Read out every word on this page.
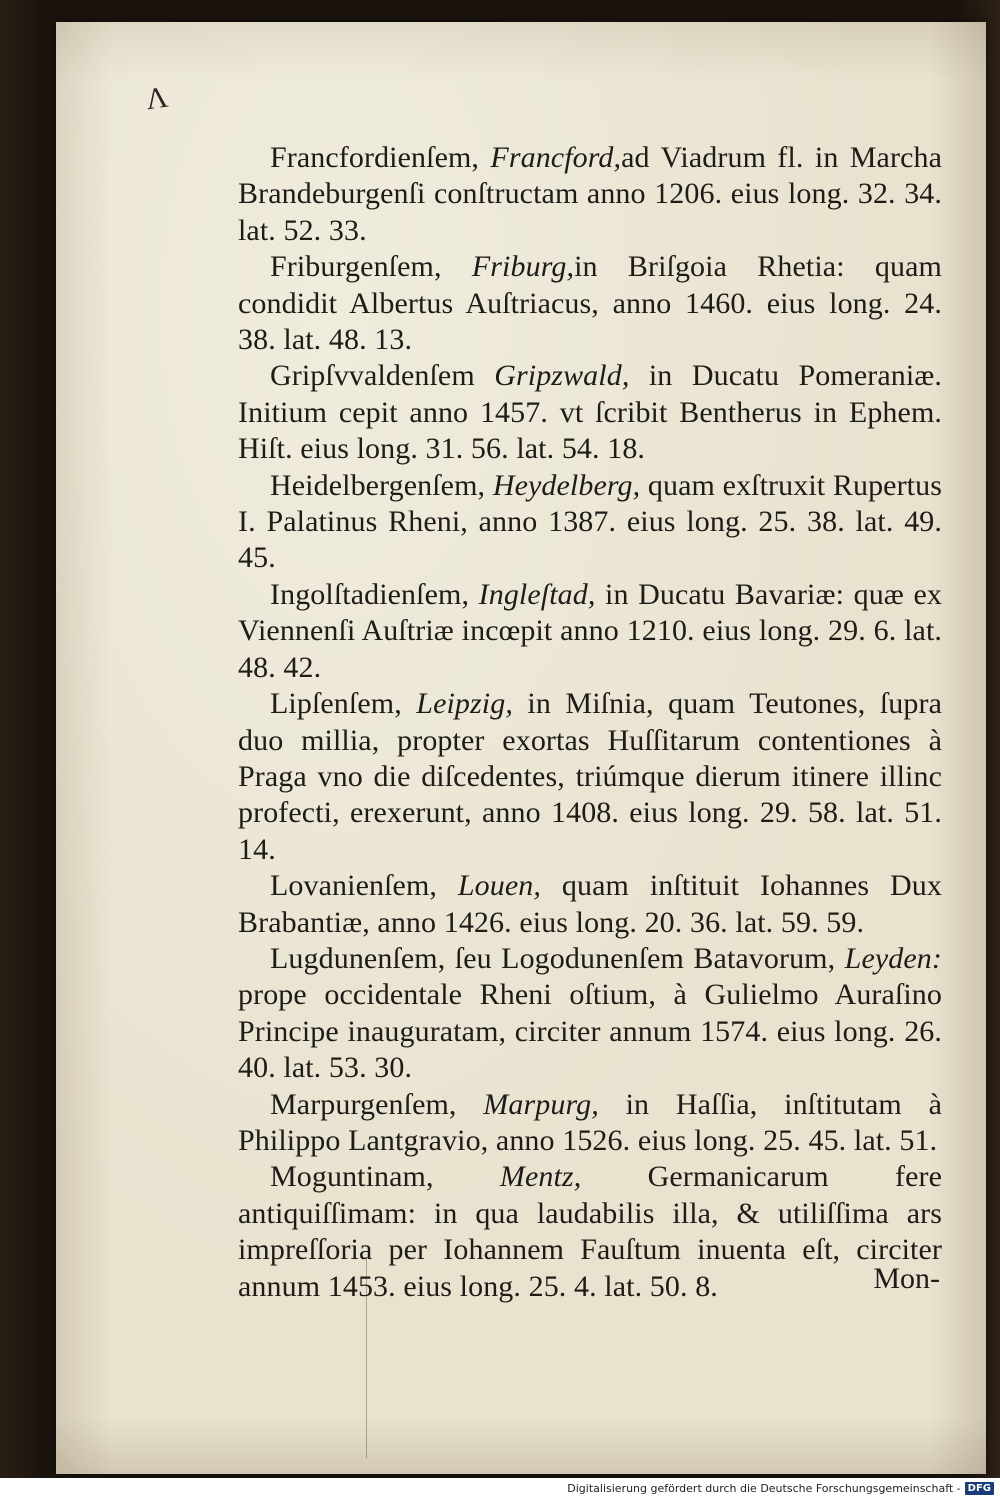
Ʌ

Francfordienſem, Francford,ad Viadrum fl. in Marcha Brandeburgenſi conſtructam anno 1206. eius long. 32. 34. lat. 52. 33.

Friburgenſem, Friburg,in Briſgoia Rhetia: quam condidit Albertus Auſtriacus, anno 1460. eius long. 24. 38. lat. 48. 13.

Gripſvvaldenſem Gripzwald, in Ducatu Pomeraniæ. Initium cepit anno 1457. vt ſcribit Bentherus in Ephem. Hiſt. eius long. 31. 56. lat. 54. 18.

Heidelbergenſem, Heydelberg, quam exſtruxit Rupertus I. Palatinus Rheni, anno 1387. eius long. 25. 38. lat. 49. 45.

Ingolſtadienſem, Ingleſtad, in Ducatu Bavariæ: quæ ex Viennenſi Auſtriæ incœpit anno 1210. eius long. 29. 6. lat. 48. 42.

Lipſenſem, Leipzig, in Miſnia, quam Teutones, ſupra duo millia, propter exortas Huſſitarum contentiones à Praga vno die diſcedentes, triúmque dierum itinere illinc profecti, erexerunt, anno 1408. eius long. 29. 58. lat. 51. 14.

Lovanienſem, Louen, quam inſtituit Iohannes Dux Brabantiæ, anno 1426. eius long. 20. 36. lat. 59. 59.

Lugdunenſem, ſeu Logodunenſem Batavorum, Leyden: prope occidentale Rheni oſtium, à Gulielmo Auraſino Principe inauguratam, circiter annum 1574. eius long. 26. 40. lat. 53. 30.

Marpurgenſem, Marpurg, in Haſſia, inſtitutam à Philippo Lantgravio, anno 1526. eius long. 25. 45. lat. 51.

Moguntinam, Mentz, Germanicarum fere antiquiſſimam: in qua laudabilis illa, & utiliſſima ars impreſſoria per Iohannem Fauſtum inuenta eſt, circiter annum 1453. eius long. 25. 4. lat. 50. 8.	Mon-
Digitalisierung gefördert durch die Deutsche Forschungsgemeinschaft - DFG
